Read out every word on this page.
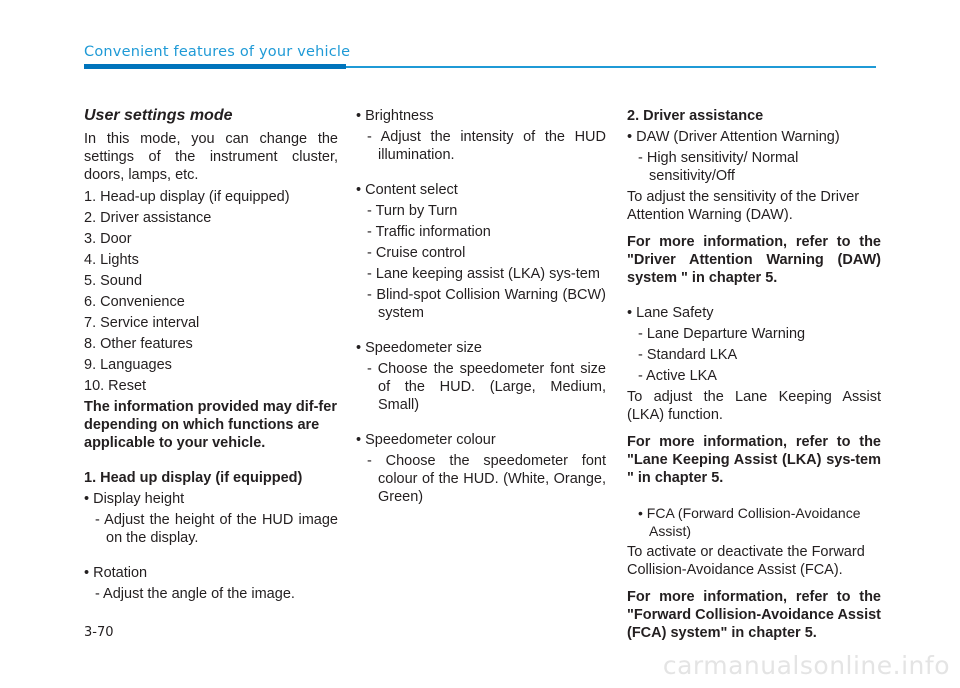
Convenient features of your vehicle

User settings mode

In this mode, you can change the settings of the instrument cluster, doors, lamps, etc.

1. Head-up display (if equipped)

2. Driver assistance

3. Door

4. Lights

5. Sound

6. Convenience

7. Service interval

8. Other features

9. Languages

10. Reset

The information provided may dif-fer depending on which functions are applicable to your vehicle.

1. Head up display (if equipped)

• Display height

- Adjust the height of the HUD image on the display.

• Rotation

- Adjust the angle of the image.

• Brightness

- Adjust the intensity of the HUD illumination.

• Content select

- Turn by Turn

- Traffic information

- Cruise control

- Lane keeping assist (LKA) sys-tem

- Blind-spot Collision Warning (BCW) system

• Speedometer size

- Choose the speedometer font size of the HUD. (Large, Medium, Small)

• Speedometer colour

- Choose the speedometer font colour of the HUD. (White, Orange, Green)

2. Driver assistance

• DAW (Driver Attention Warning)

- High sensitivity/ Normal sensitivity/Off

To adjust the sensitivity of the Driver Attention Warning (DAW).

For more information, refer to the "Driver Attention Warning (DAW) system " in chapter 5.

• Lane Safety

- Lane Departure Warning

- Standard LKA

- Active LKA

To adjust the Lane Keeping Assist (LKA) function.

For more information, refer to the "Lane Keeping Assist (LKA) sys-tem " in chapter 5.

• FCA (Forward Collision-Avoidance Assist)

To activate or deactivate the Forward Collision-Avoidance Assist (FCA).

For more information, refer to the "Forward Collision-Avoidance Assist (FCA) system" in chapter 5.

3-70
carmanualsonline.info
